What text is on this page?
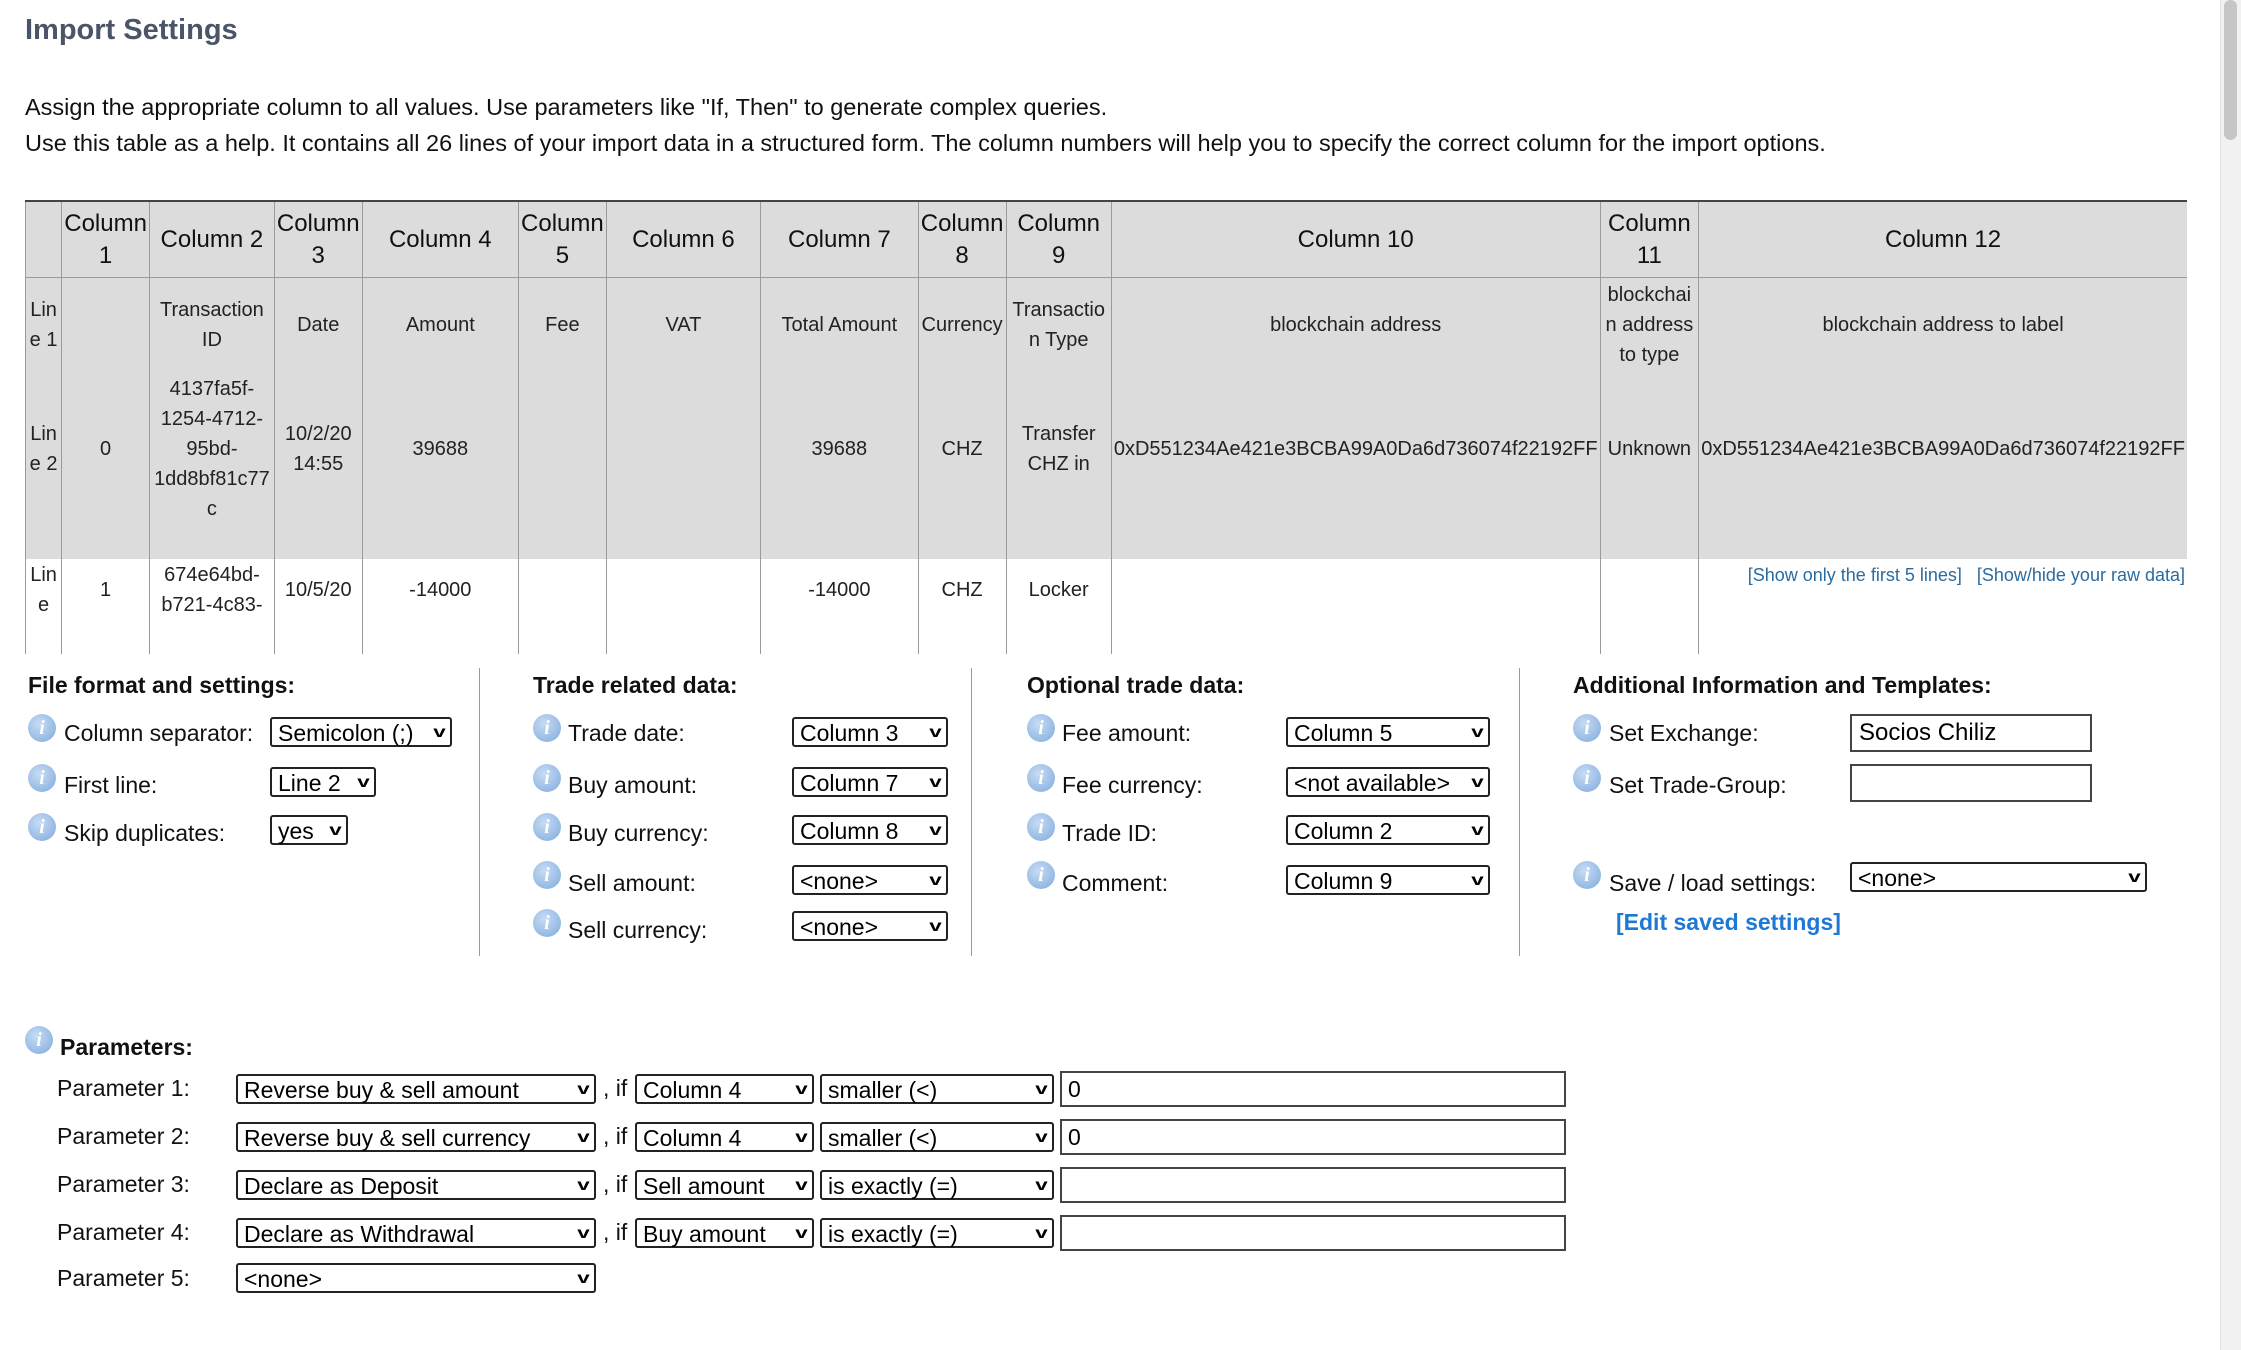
Import Settings
Assign the appropriate column to all values. Use parameters like "If, Then" to generate complex queries.
Use this table as a help. It contains all 26 lines of your import data in a structured form. The column numbers will help you to specify the correct column for the import options.
	Column 1	Column 2	Column 3	Column 4	Column 5	Column 6	Column 7	Column 8	Column 9	Column 10	Column 11	Column 12
Line 1		Transaction ID	Date	Amount	Fee	VAT	Total Amount	Currency	Transaction Type	blockchain address	blockchain address to type	blockchain address to label
Line 2	0	4137fa5f-1254-4712-95bd-1dd8bf81c77c	10/2/20 14:55	39688			39688	CHZ	Transfer CHZ in	0xD551234Ae421e3BCBA99A0Da6d736074f22192FF	Unknown	0xD551234Ae421e3BCBA99A0Da6d736074f22192FF
Line	1	674e64bd-b721-4c83-	10/5/20	-14000			-14000	CHZ	Locker			
[Show only the first 5 lines] [Show/hide your raw data]
File format and settings:
i Column separator:	Semicolon (;) v
i First line:	Line 2 v
i Skip duplicates:	yes v
Trade related data:
i Trade date:	Column 3 v
i Buy amount:	Column 7 v
i Buy currency:	Column 8 v
i Sell amount:	<none>	v
i Sell currency:	<none>	v
Optional trade data:
i Fee amount:	Column 5	v
i Fee currency:	<not available> v
i Trade ID:	Column 2	v
i Comment:	Column 9	v
Additional Information and Templates:
i Set Exchange:	Socios Chiliz
i Set Trade-Group:
i Save / load settings:	<none>	v
[Edit saved settings]
i Parameters:
Parameter 1:	Reverse buy & sell amount	v , if Column 4	v smaller (<)	v 0
Parameter 2:	Reverse buy & sell currency	v , if Column 4	v smaller (<)	v 0
Parameter 3:	Declare as Deposit	v , if Sell amount v is exactly (=)	v
Parameter 4:	Declare as Withdrawal	v , if Buy amount v is exactly (=)	v
Parameter 5:	<none>	v
